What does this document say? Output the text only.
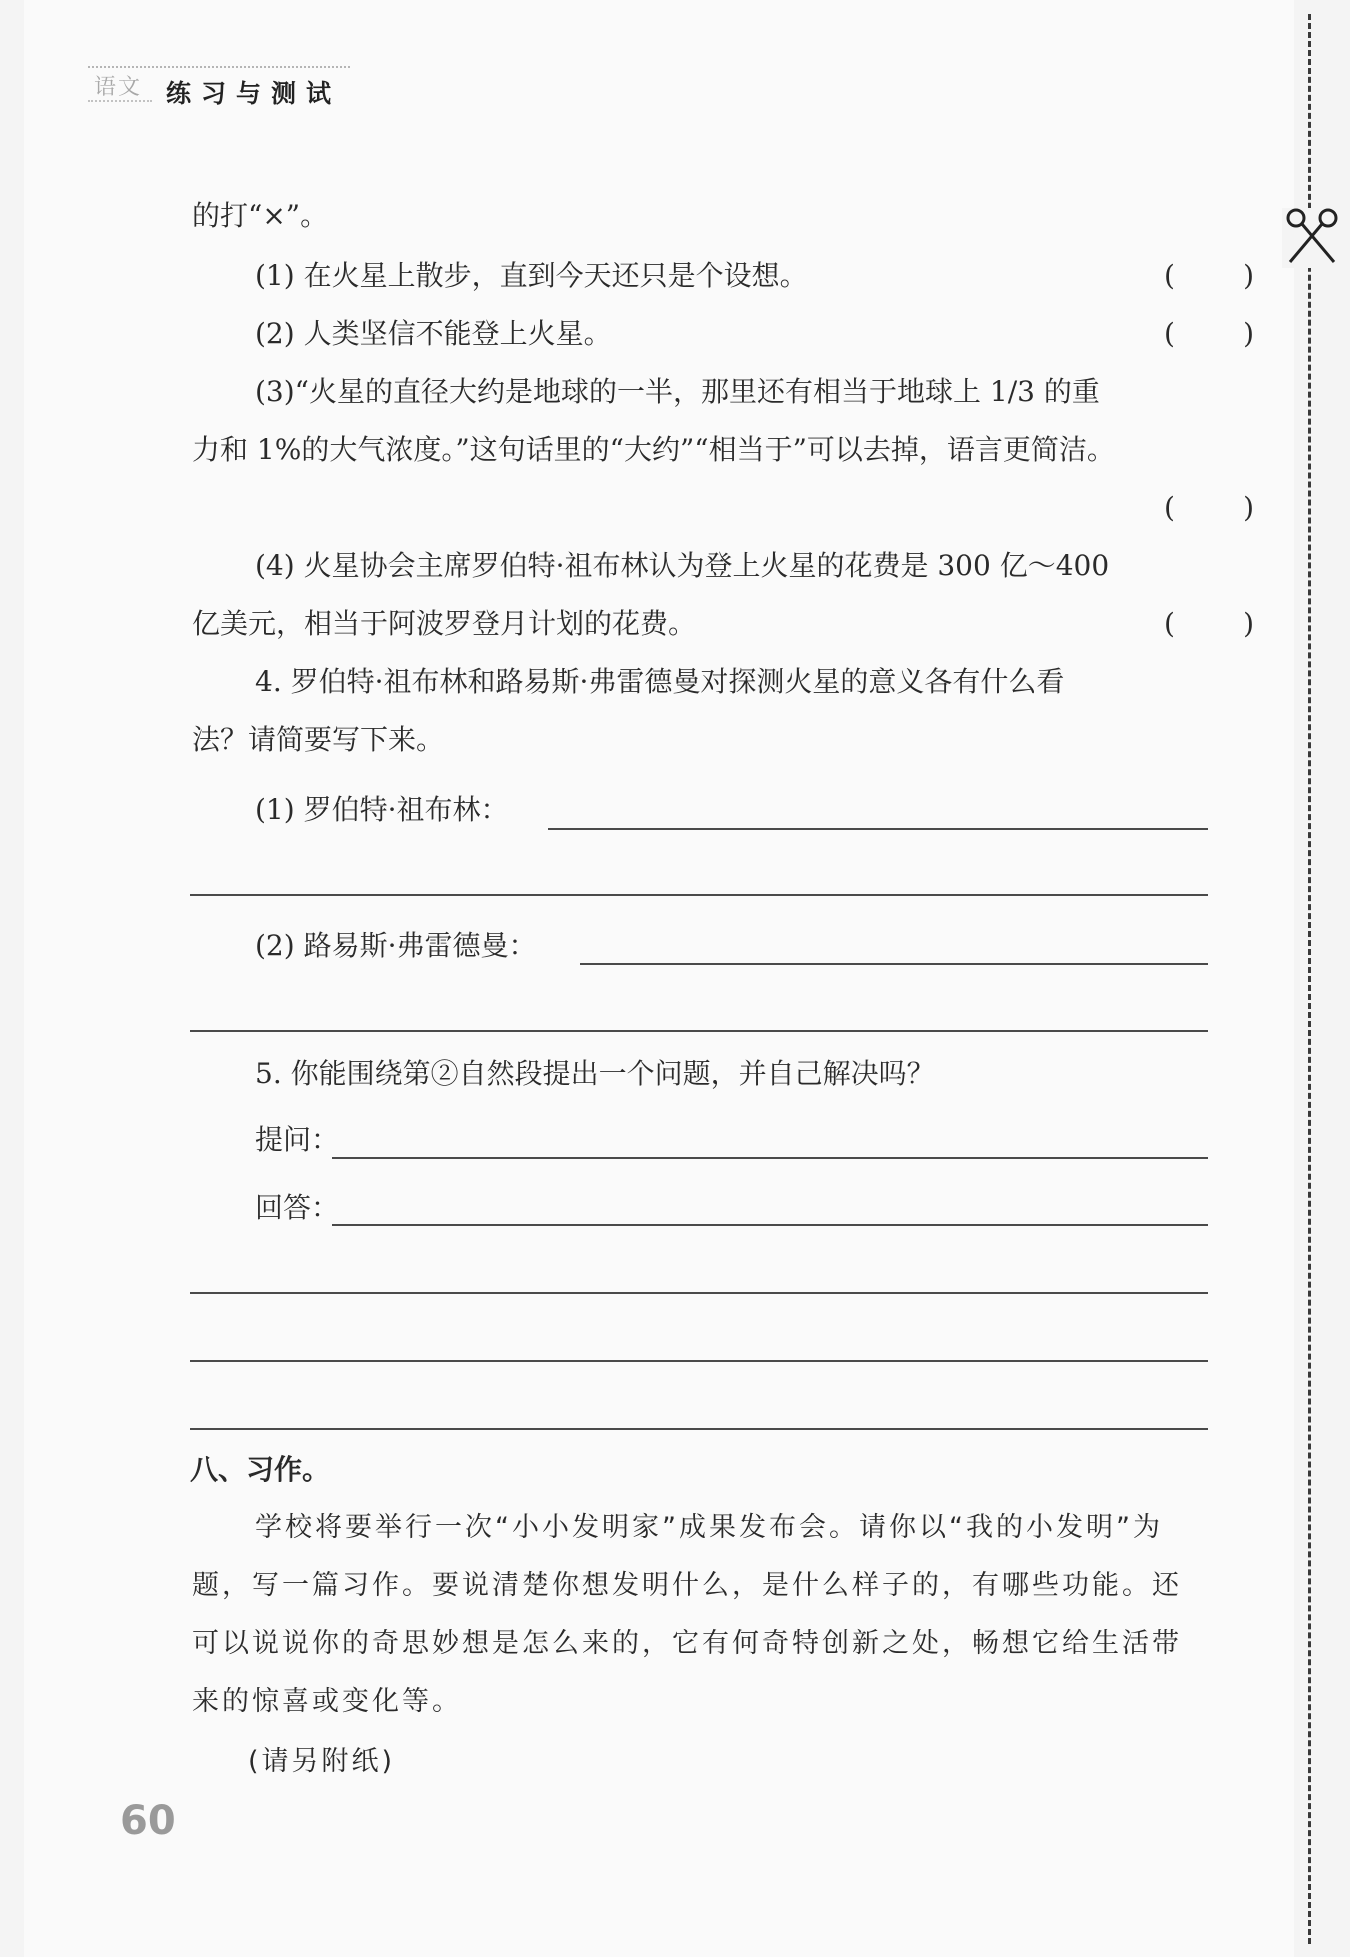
语文 练习与测试
的打“×”。
(1) 在火星上散步，直到今天还只是个设想。	( )
(2) 人类坚信不能登上火星。	( )
(3)“火星的直径大约是地球的一半，那里还有相当于地球上 1/3 的重
力和 1%的大气浓度。”这句话里的“大约”“相当于”可以去掉，语言更简洁。
( )
(4) 火星协会主席罗伯特·祖布林认为登上火星的花费是 300 亿～400
亿美元，相当于阿波罗登月计划的花费。	( )
4. 罗伯特·祖布林和路易斯·弗雷德曼对探测火星的意义各有什么看
法？请简要写下来。
(1) 罗伯特·祖布林：
(2) 路易斯·弗雷德曼：
5. 你能围绕第②自然段提出一个问题，并自己解决吗？
提问：
回答：
八、习作。
学校将要举行一次“小小发明家”成果发布会。请你以“我的小发明”为
题，写一篇习作。要说清楚你想发明什么，是什么样子的，有哪些功能。还
可以说说你的奇思妙想是怎么来的，它有何奇特创新之处，畅想它给生活带
来的惊喜或变化等。
(请另附纸)
60
